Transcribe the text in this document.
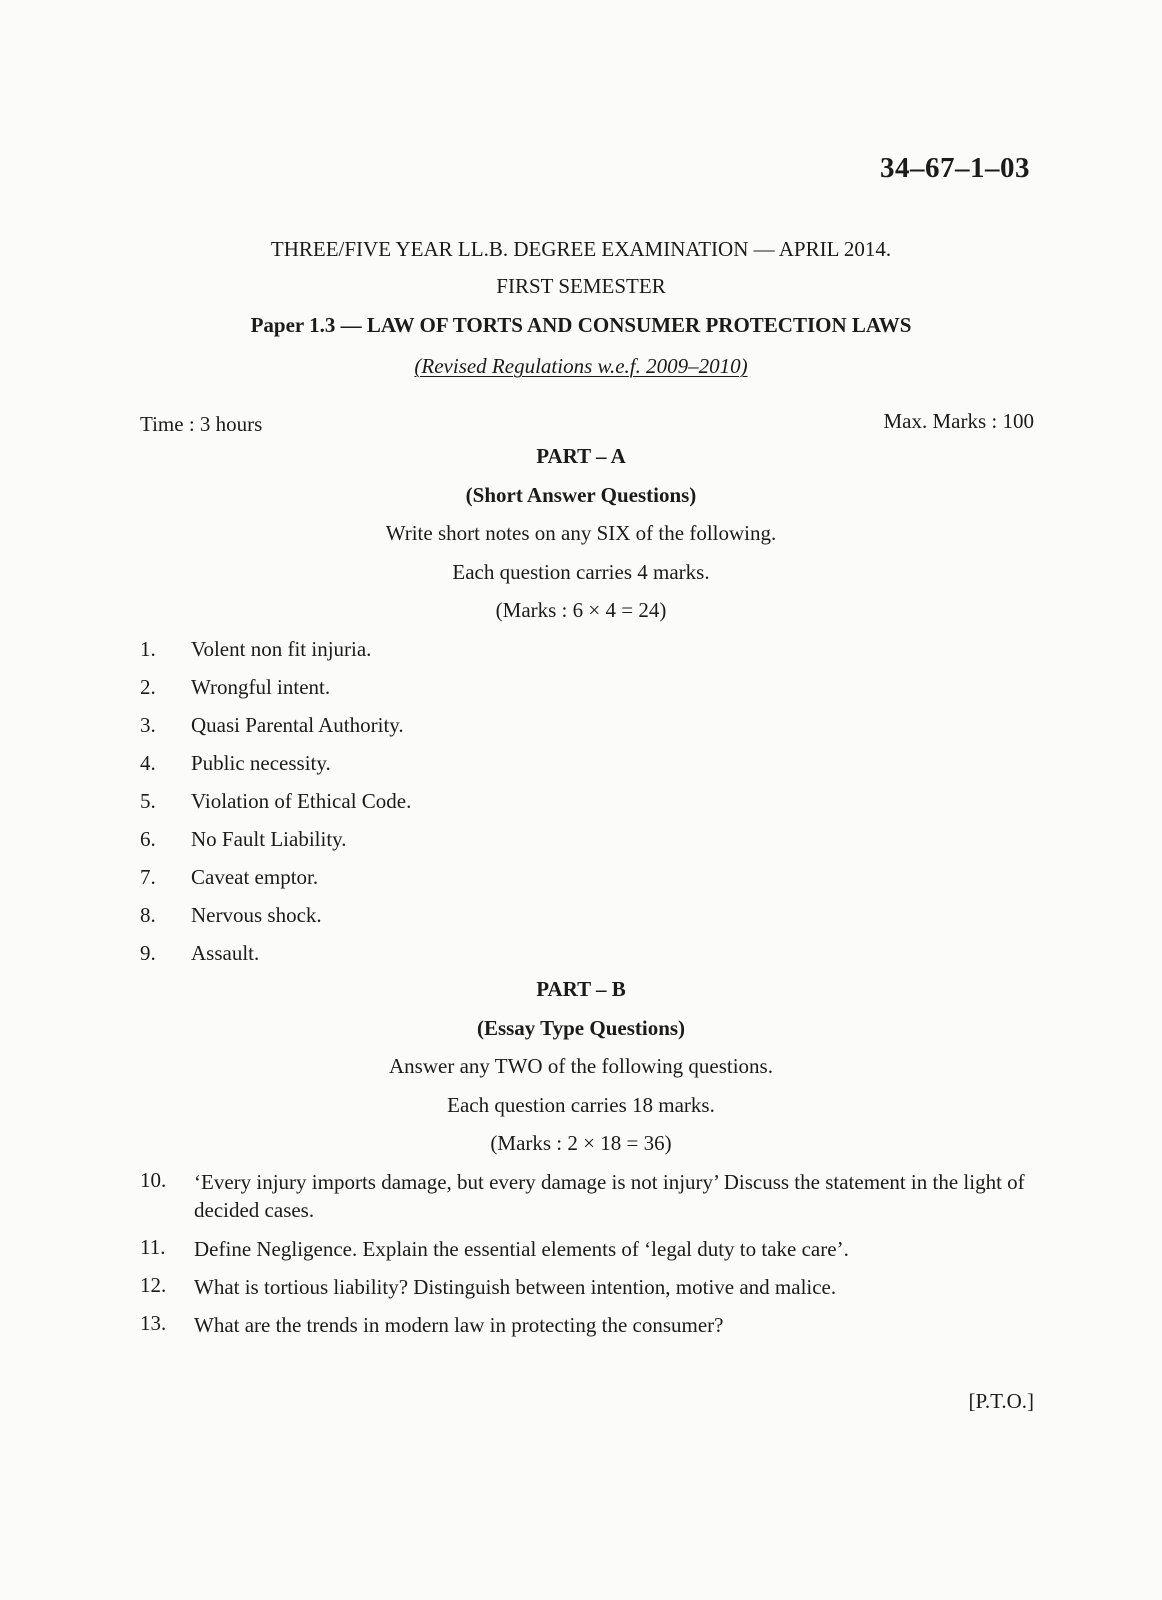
34–67–1–03
THREE/FIVE YEAR LL.B. DEGREE EXAMINATION — APRIL 2014.
FIRST SEMESTER
Paper 1.3 — LAW OF TORTS AND CONSUMER PROTECTION LAWS
(Revised Regulations w.e.f. 2009–2010)
Time : 3 hours	Max. Marks : 100
PART – A
(Short Answer Questions)
Write short notes on any SIX of the following.
Each question carries 4 marks.
(Marks : 6 × 4 = 24)
1.	Volent non fit injuria.
2.	Wrongful intent.
3.	Quasi Parental Authority.
4.	Public necessity.
5.	Violation of Ethical Code.
6.	No Fault Liability.
7.	Caveat emptor.
8.	Nervous shock.
9.	Assault.
PART – B
(Essay Type Questions)
Answer any TWO of the following questions.
Each question carries 18 marks.
(Marks : 2 × 18 = 36)
10.	‘Every injury imports damage, but every damage is not injury’ Discuss the statement in the light of decided cases.
11.	Define Negligence. Explain the essential elements of ‘legal duty to take care’.
12.	What is tortious liability? Distinguish between intention, motive and malice.
13.	What are the trends in modern law in protecting the consumer?
[P.T.O.]
